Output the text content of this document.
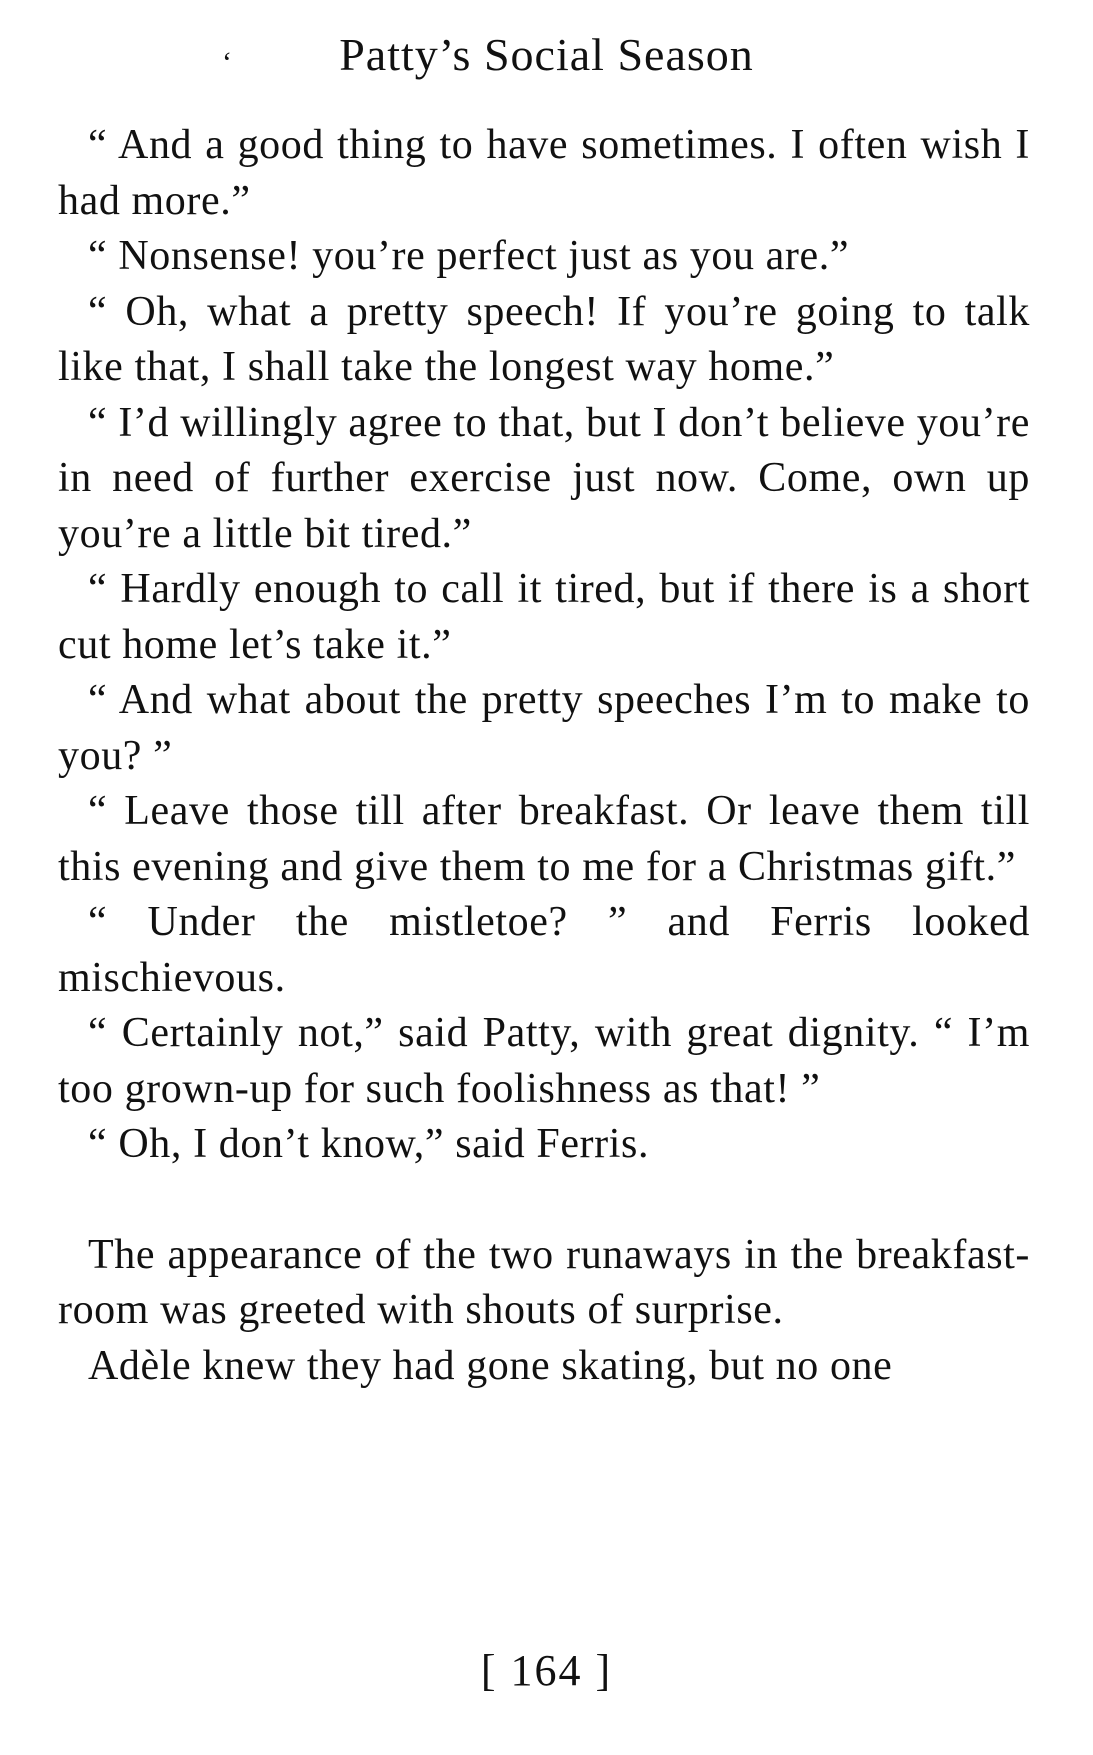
‘ Patty’s Social Season

“ And a good thing to have sometimes. I often wish I had more.”

“ Nonsense! you’re perfect just as you are.”

“ Oh, what a pretty speech! If you’re going to talk like that, I shall take the longest way home.”

“ I’d willingly agree to that, but I don’t believe you’re in need of further exercise just now. Come, own up you’re a little bit tired.”

“ Hardly enough to call it tired, but if there is a short cut home let’s take it.”

“ And what about the pretty speeches I’m to make to you? ”

“ Leave those till after breakfast. Or leave them till this evening and give them to me for a Christmas gift.”

“ Under the mistletoe? ” and Ferris looked mischievous.

“ Certainly not,” said Patty, with great dignity. “ I’m too grown-up for such foolishness as that! ”

“ Oh, I don’t know,” said Ferris.

The appearance of the two runaways in the breakfast-room was greeted with shouts of surprise.

Adèle knew they had gone skating, but no one

[ 164 ]
